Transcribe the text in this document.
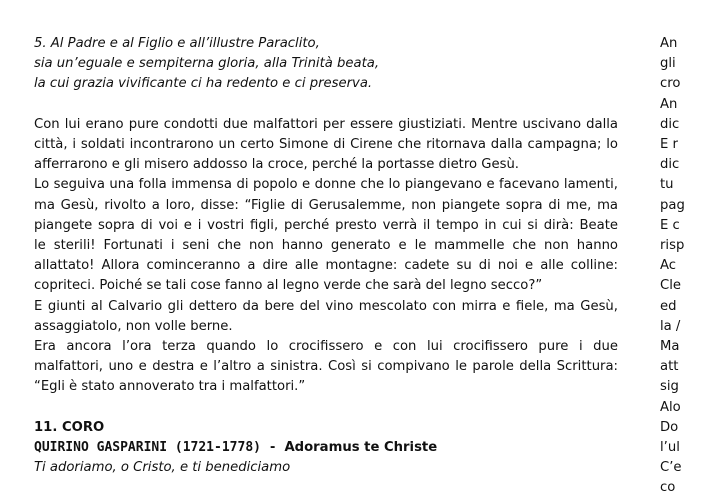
5. Al Padre e al Figlio e all’illustre Paraclito,
sia un’eguale e sempiterna gloria, alla Trinità beata,
la cui grazia vivificante ci ha redento e ci preserva.
Con lui erano pure condotti due malfattori per essere giustiziati. Mentre uscivano dalla
città, i soldati incontrarono un certo Simone di Cirene che ritornava dalla campagna; lo
afferrarono e gli misero addosso la croce, perché la portasse dietro Gesù.
Lo seguiva una folla immensa di popolo e donne che lo piangevano e facevano lamenti,
ma Gesù, rivolto a loro, disse: “Figlie di Gerusalemme, non piangete sopra di me, ma
piangete sopra di voi e i vostri figli, perché presto verrà il tempo in cui si dirà: Beate
le sterili! Fortunati i seni che non hanno generato e le mammelle che non hanno
allattato! Allora cominceranno a dire alle montagne: cadete su di noi e alle colline:
copriteci. Poiché se tali cose fanno al legno verde che sarà del legno secco?”
E giunti al Calvario gli dettero da bere del vino mescolato con mirra e fiele, ma Gesù,
assaggiatolo, non volle berne.
Era ancora l’ora terza quando lo crocifissero e con lui crocifissero pure i due
malfattori, uno e destra e l’altro a sinistra. Così si compivano le parole della Scrittura:
“Egli è stato annoverato tra i malfattori.”
11. CORO
QUIRINO GASPARINI (1721-1778) - Adoramus te Christe
Ti adoriamo, o Cristo, e ti benediciamo
An
gli
cro
An
dic
E r
dic
tu
pag
E c
risp
Ac
Cle
ed
la /
Ma
att
sig
Alo
Do
l’ul
C’e
co
